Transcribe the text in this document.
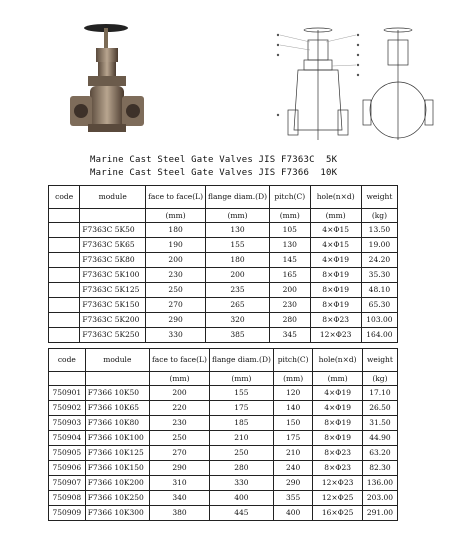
Marine Cast Steel Gate Valves JIS F7363C  5K
Marine Cast Steel Gate Valves JIS F7366  10K
code	module	face to face(L)	flange diam.(D)	pitch(C)	hole(n×d)	weight
		(mm)	(mm)	(mm)	(mm)	(kg)
	F7363C 5K50	180	130	105	4×Φ15	13.50
	F7363C 5K65	190	155	130	4×Φ15	19.00
	F7363C 5K80	200	180	145	4×Φ19	24.20
	F7363C 5K100	230	200	165	8×Φ19	35.30
	F7363C 5K125	250	235	200	8×Φ19	48.10
	F7363C 5K150	270	265	230	8×Φ19	65.30
	F7363C 5K200	290	320	280	8×Φ23	103.00
	F7363C 5K250	330	385	345	12×Φ23	164.00
code	module	face to face(L)	flange diam.(D)	pitch(C)	hole(n×d)	weight
		(mm)	(mm)	(mm)	(mm)	(kg)
750901	F7366 10K50	200	155	120	4×Φ19	17.10
750902	F7366 10K65	220	175	140	4×Φ19	26.50
750903	F7366 10K80	230	185	150	8×Φ19	31.50
750904	F7366 10K100	250	210	175	8×Φ19	44.90
750905	F7366 10K125	270	250	210	8×Φ23	63.20
750906	F7366 10K150	290	280	240	8×Φ23	82.30
750907	F7366 10K200	310	330	290	12×Φ23	136.00
750908	F7366 10K250	340	400	355	12×Φ25	203.00
750909	F7366 10K300	380	445	400	16×Φ25	291.00
